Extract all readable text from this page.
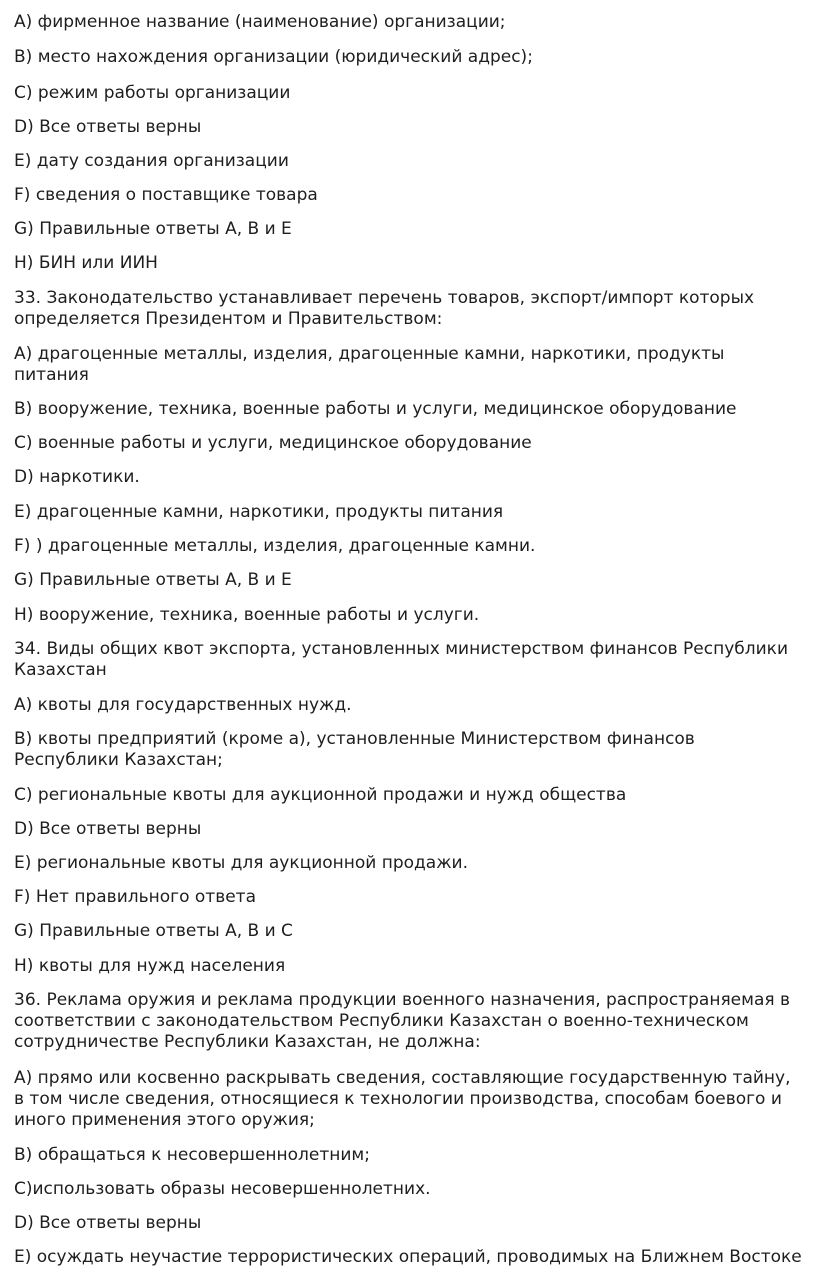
A) фирменное название (наименование) организации;

B) место нахождения организации (юридический адрес);

C) режим работы организации

D) Все ответы верны

E) дату создания организации

F) сведения о поставщике товара

G) Правильные ответы A, B и E

H) БИН или ИИН

33. Законодательство устанавливает перечень товаров, экспорт/импорт которых определяется Президентом и Правительством:

A) драгоценные металлы, изделия, драгоценные камни, наркотики, продукты питания

B) вооружение, техника, военные работы и услуги, медицинское оборудование

C) военные работы и услуги, медицинское оборудование

D) наркотики.

E) драгоценные камни, наркотики, продукты питания

F) ) драгоценные металлы, изделия, драгоценные камни.

G) Правильные ответы A, B и E

H) вооружение, техника, военные работы и услуги.

34. Виды общих квот экспорта, установленных министерством финансов Республики Казахстан

A) квоты для государственных нужд.

B) квоты предприятий (кроме а), установленные Министерством финансов Республики Казахстан;

C) региональные квоты для аукционной продажи и нужд общества

D) Все ответы верны

E) региональные квоты для аукционной продажи.

F) Нет правильного ответа

G) Правильные ответы A, B и C

H) квоты для нужд населения

36. Реклама оружия и реклама продукции военного назначения, распространяемая в соответствии с законодательством Республики Казахстан о военно-техническом сотрудничестве Республики Казахстан, не должна:

A) прямо или косвенно раскрывать сведения, составляющие государственную тайну, в том числе сведения, относящиеся к технологии производства, способам боевого и иного применения этого оружия;

B) обращаться к несовершеннолетним;

C)использовать образы несовершеннолетних.

D) Все ответы верны

E) осуждать неучастие террористических операций, проводимых на Ближнем Востоке
